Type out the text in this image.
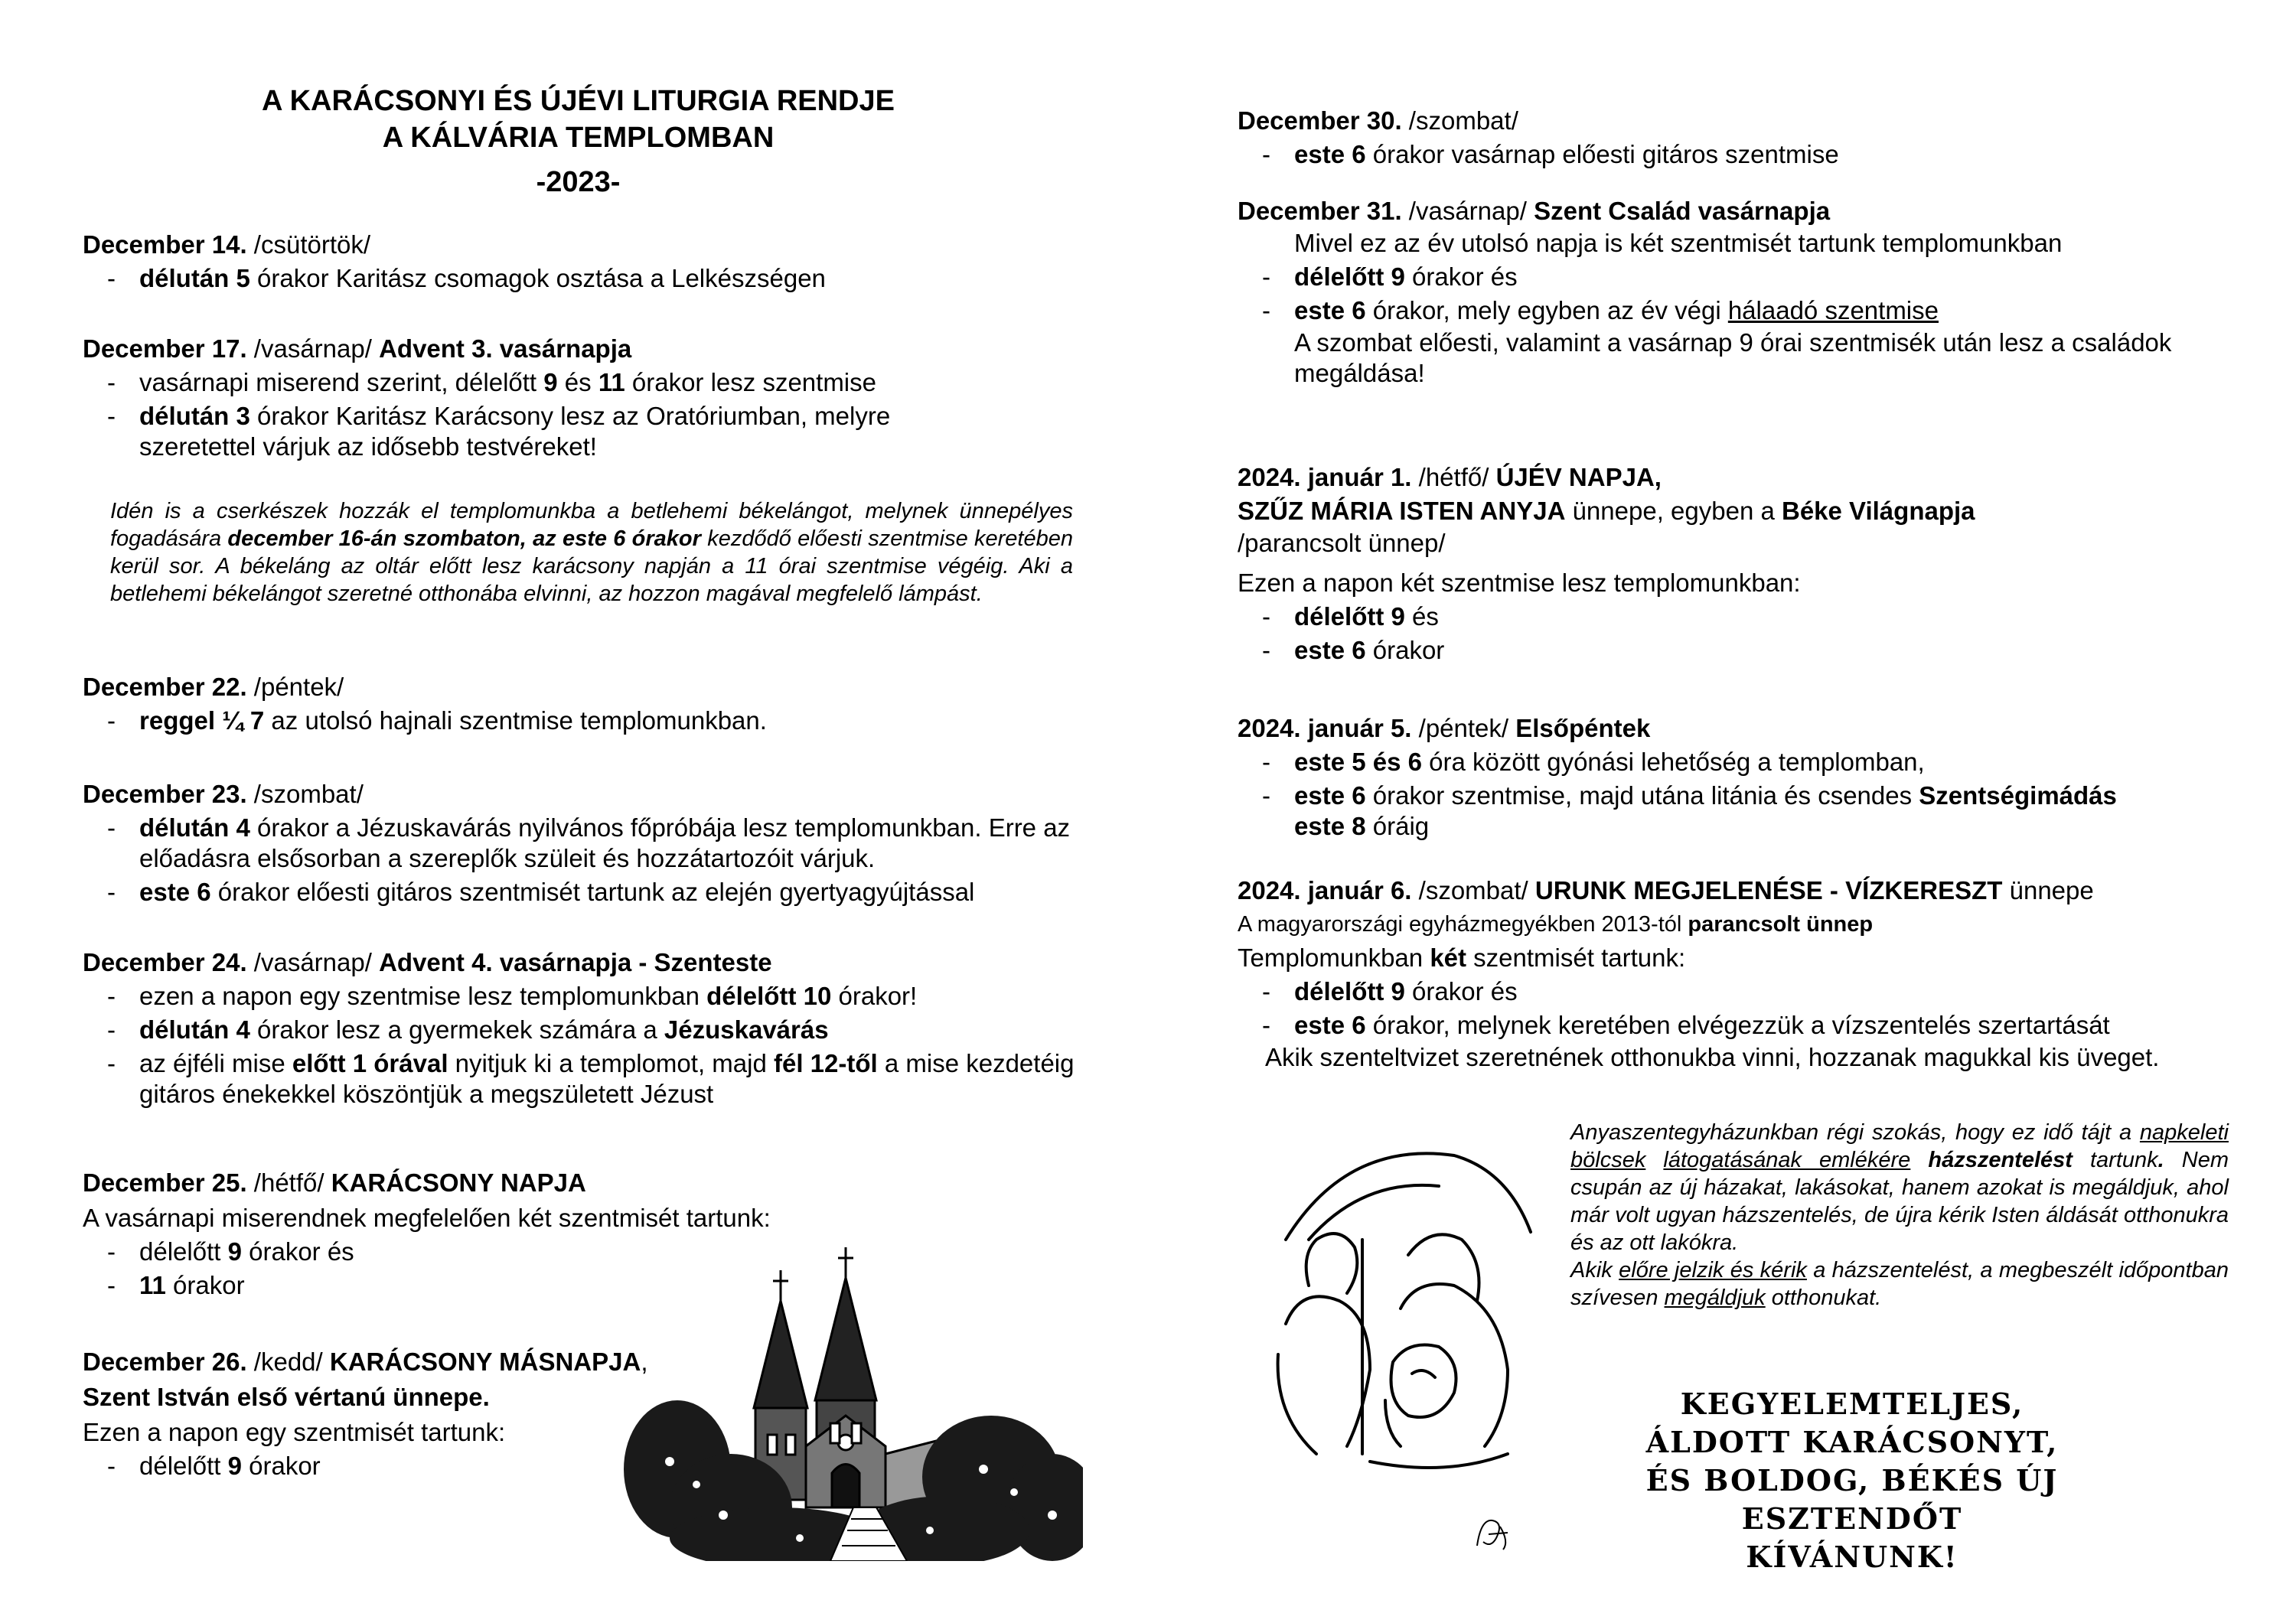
A KARÁCSONYI ÉS ÚJÉVI LITURGIA RENDJE
A KÁLVÁRIA TEMPLOMBAN
-2023-

December 14. /csütörtök/

- délután 5 órakor Karitász csomagok osztása a Lelkészségen

December 17. /vasárnap/ Advent 3. vasárnapja

- vasárnapi miserend szerint, délelőtt 9 és 11 órakor lesz szentmise

- délután 3 órakor Karitász Karácsony lesz az Oratóriumban, melyre szeretettel várjuk az idősebb testvéreket!

Idén is a cserkészek hozzák el templomunkba a betlehemi békelángot, melynek ünnepélyes fogadására december 16-án szombaton, az este 6 órakor kezdődő előesti szentmise keretében kerül sor. A békeláng az oltár előtt lesz karácsony napján a 11 órai szentmise végéig. Aki a betlehemi békelángot szeretné otthonába elvinni, az hozzon magával megfelelő lámpást.

December 22. /péntek/

- reggel ¼ 7 az utolsó hajnali szentmise templomunkban.

December 23. /szombat/

- délután 4 órakor a Jézuskavárás nyilvános főpróbája lesz templomunkban. Erre az előadásra elsősorban a szereplők szüleit és hozzátartozóit várjuk.

- este 6 órakor előesti gitáros szentmisét tartunk az elején gyertyagyújtással

December 24. /vasárnap/ Advent 4. vasárnapja - Szenteste

- ezen a napon egy szentmise lesz templomunkban délelőtt 10 órakor!

- délután 4 órakor lesz a gyermekek számára a Jézuskavárás

- az éjféli mise előtt 1 órával nyitjuk ki a templomot, majd fél 12-től a mise kezdetéig gitáros énekekkel köszöntjük a megszületett Jézust

December 25. /hétfő/ KARÁCSONY NAPJA

A vasárnapi miserendnek megfelelően két szentmisét tartunk:

- délelőtt 9 órakor és

- 11 órakor

December 26. /kedd/ KARÁCSONY MÁSNAPJA,

Szent István első vértanú ünnepe.

Ezen a napon egy szentmisét tartunk:

- délelőtt 9 órakor

December 30. /szombat/

- este 6 órakor vasárnap előesti gitáros szentmise

December 31. /vasárnap/ Szent Család vasárnapja

Mivel ez az év utolsó napja is két szentmisét tartunk templomunkban

- délelőtt 9 órakor és

- este 6 órakor, mely egyben az év végi hálaadó szentmise

A szombat előesti, valamint a vasárnap 9 órai szentmisék után lesz a családok megáldása!

2024. január 1. /hétfő/ ÚJÉV NAPJA,

SZŰZ MÁRIA ISTEN ANYJA ünnepe, egyben a Béke Világnapja

/parancsolt ünnep/

Ezen a napon két szentmise lesz templomunkban:

- délelőtt 9 és

- este 6 órakor

2024. január 5. /péntek/ Elsőpéntek

- este 5 és 6 óra között gyónási lehetőség a templomban,

- este 6 órakor szentmise, majd utána litánia és csendes Szentségimádás
este 8 óráig

2024. január 6. /szombat/ URUNK MEGJELENÉSE - VÍZKERESZT ünnepe

A magyarországi egyházmegyékben 2013-tól parancsolt ünnep

Templomunkban két szentmisét tartunk:

- délelőtt 9 órakor és

- este 6 órakor, melynek keretében elvégezzük a vízszentelés szertartását

Akik szenteltvizet szeretnének otthonukba vinni, hozzanak magukkal kis üveget.

Anyaszentegyházunkban régi szokás, hogy ez idő tájt a napkeleti bölcsek látogatásának emlékére házszentelést tartunk. Nem csupán az új házakat, lakásokat, hanem azokat is megáldjuk, ahol már volt ugyan házszentelés, de újra kérik Isten áldását otthonukra és az ott lakókra.
Akik előre jelzik és kérik a házszentelést, a megbeszélt időpontban szívesen megáldjuk otthonukat.
KEGYELEMTELJES,
ÁLDOTT KARÁCSONYT,
ÉS BOLDOG, BÉKÉS ÚJ ESZTENDŐT
KÍVÁNUNK!
